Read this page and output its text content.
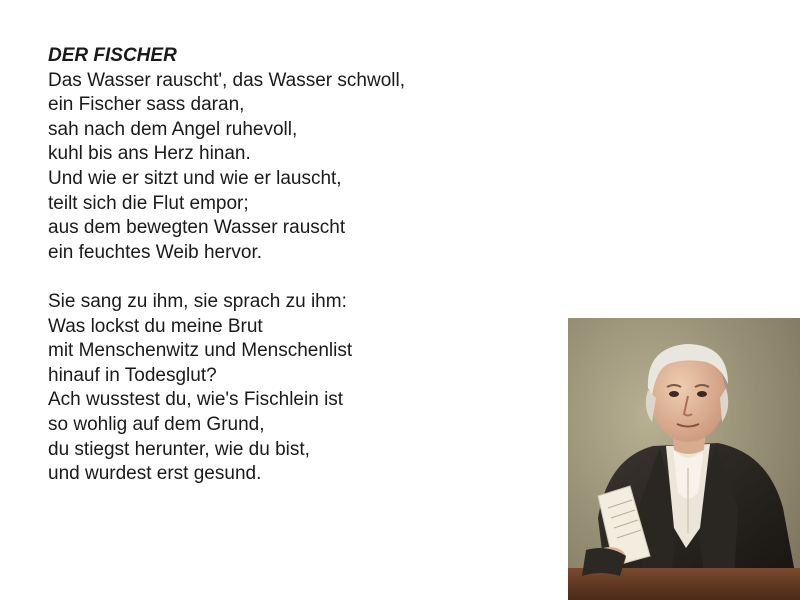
DER FISCHER
Das Wasser rauscht', das Wasser schwoll,
ein Fischer sass daran,
sah nach dem Angel ruhevoll,
kuhl bis ans Herz hinan.
Und wie er sitzt und wie er lauscht,
teilt sich die Flut empor;
aus dem bewegten Wasser rauscht
ein feuchtes Weib hervor.
Sie sang zu ihm, sie sprach zu ihm:
Was lockst du meine Brut
mit Menschenwitz und Menschenlist
hinauf in Todesglut?
Ach wusstest du, wie's Fischlein ist
so wohlig auf dem Grund,
du stiegst herunter, wie du bist,
und wurdest erst gesund.
